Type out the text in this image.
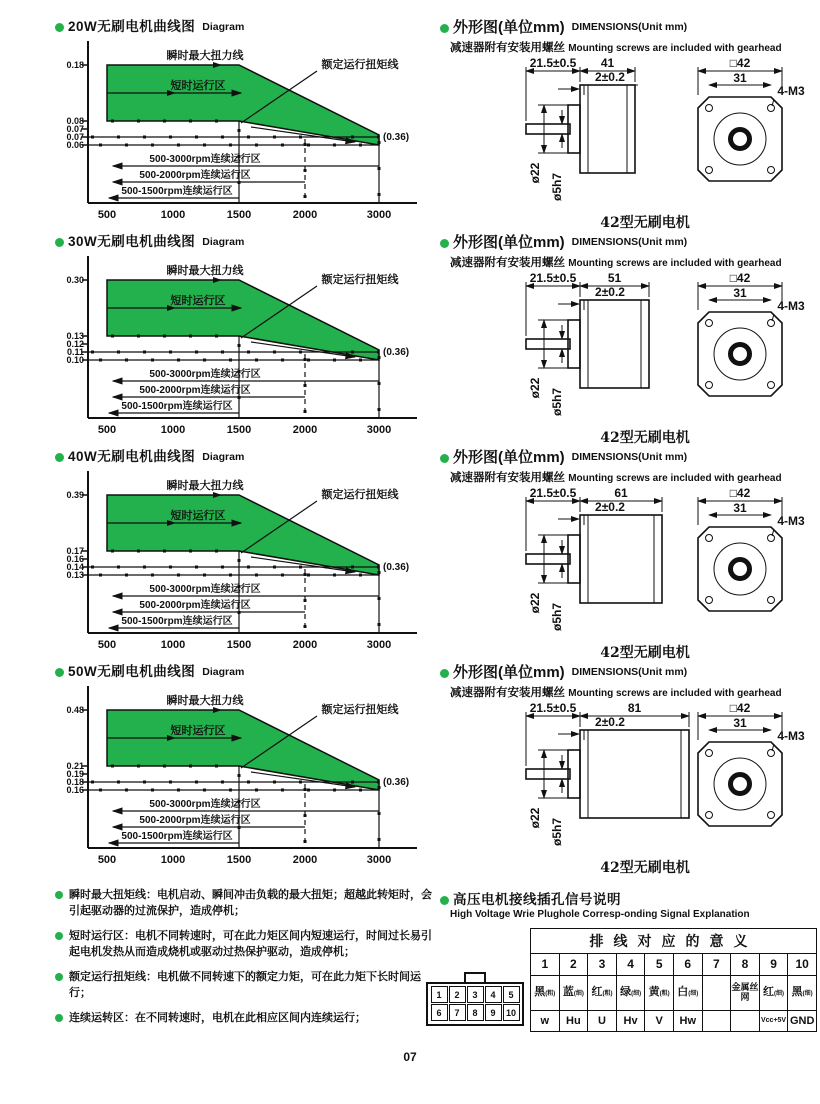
20W无刷电机曲线图 Diagram
0.18
0.08
0.07
0.07
0.06
500	1000	1500	2000	3000
瞬时最大扭力线
短时运行区
额定运行扭矩线
(0.36)
500-3000rpm连续运行区
500-2000rpm连续运行区
500-1500rpm连续运行区
30W无刷电机曲线图 Diagram
0.30
0.13
0.12
0.11
0.10
500	1000	1500	2000	3000
瞬时最大扭力线
短时运行区
额定运行扭矩线
(0.36)
500-3000rpm连续运行区
500-2000rpm连续运行区
500-1500rpm连续运行区
40W无刷电机曲线图 Diagram
0.39
0.17
0.16
0.14
0.13
500	1000	1500	2000	3000
瞬时最大扭力线
短时运行区
额定运行扭矩线
(0.36)
500-3000rpm连续运行区
500-2000rpm连续运行区
500-1500rpm连续运行区
50W无刷电机曲线图 Diagram
0.48
0.21
0.19
0.18
0.16
500	1000	1500	2000	3000
瞬时最大扭力线
短时运行区
额定运行扭矩线
(0.36)
500-3000rpm连续运行区
500-2000rpm连续运行区
500-1500rpm连续运行区
外形图(单位mm) DIMENSIONS(Unit mm)
减速器附有安装用螺丝 Mounting screws are included with gearhead
21.5±0.5 41
2±0.2
ø22 ø5h7
□42
31
4-M3
42型无刷电机
外形图(单位mm) DIMENSIONS(Unit mm)
减速器附有安装用螺丝 Mounting screws are included with gearhead
21.5±0.5	51
2±0.2
ø22 ø5h7
□42
31
4-M3
42型无刷电机
外形图(单位mm) DIMENSIONS(Unit mm)
减速器附有安装用螺丝 Mounting screws are included with gearhead
21.5±0.5	61
2±0.2
ø22 ø5h7
□42
31
4-M3
42型无刷电机
外形图(单位mm) DIMENSIONS(Unit mm)
减速器附有安装用螺丝 Mounting screws are included with gearhead
21.5±0.5	81
2±0.2
ø22 ø5h7
□42
31
4-M3
42型无刷电机

瞬时最大扭矩线：电机启动、瞬间冲击负载的最大扭矩；超越此转矩时，会引起驱动器的过流保护，造成停机；

短时运行区：电机不同转速时，可在此力矩区间内短速运行，时间过长易引起电机发热从而造成烧机或驱动过热保护驱动，造成停机；

额定运行扭矩线：电机做不同转速下的额定力矩，可在此力矩下长时间运行；

连续运转区：在不同转速时，电机在此相应区间内连续运行；

高压电机接线插孔信号说明
High Voltage Wrie Plughole Corresp-onding Signal Explanation
1	2	3	4	5
6	7	8	9	10
排线对应的意义									
1	2	3	4	5	6	7	8	9	10
黑(粗)	蓝(细)	红(粗)	绿(细)	黄(粗)	白(细)		金属丝网	红(细)	黑(细)
w	Hu	U	Hv	V	Hw			Vcc+5V	GND
07
